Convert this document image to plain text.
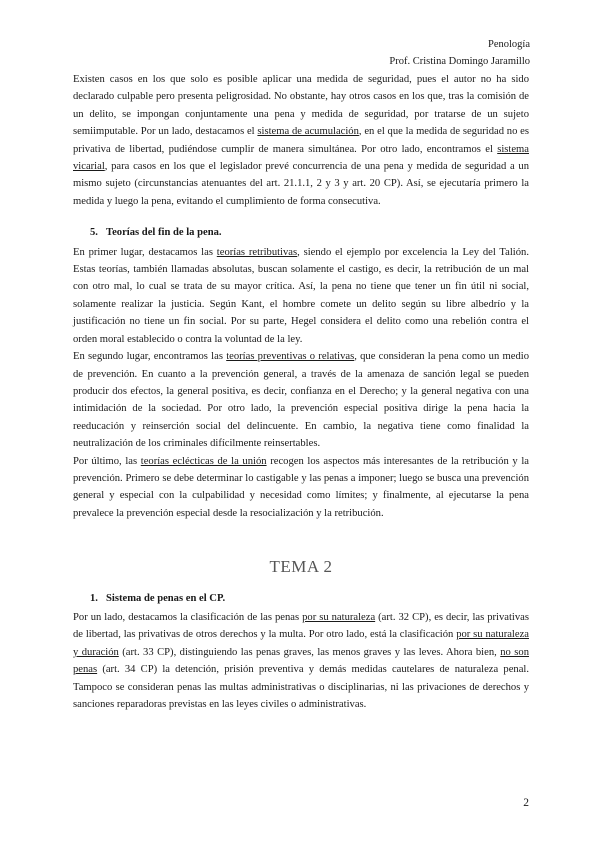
Penología
Prof. Cristina Domingo Jaramillo

Existen casos en los que solo es posible aplicar una medida de seguridad, pues el autor no ha sido declarado culpable pero presenta peligrosidad. No obstante, hay otros casos en los que, tras la comisión de un delito, se impongan conjuntamente una pena y medida de seguridad, por tratarse de un sujeto semiimputable. Por un lado, destacamos el sistema de acumulación, en el que la medida de seguridad no es privativa de libertad, pudiéndose cumplir de manera simultánea. Por otro lado, encontramos el sistema vicarial, para casos en los que el legislador prevé concurrencia de una pena y medida de seguridad a un mismo sujeto (circunstancias atenuantes del art. 21.1.1, 2 y 3 y art. 20 CP). Así, se ejecutaría primero la medida y luego la pena, evitando el cumplimiento de forma consecutiva.

5. Teorías del fin de la pena.

En primer lugar, destacamos las teorías retributivas, siendo el ejemplo por excelencia la Ley del Talión. Estas teorías, también llamadas absolutas, buscan solamente el castigo, es decir, la retribución de un mal con otro mal, lo cual se trata de su mayor crítica. Así, la pena no tiene que tener un fin útil ni social, solamente realizar la justicia. Según Kant, el hombre comete un delito según su libre albedrío y la justificación no tiene un fin social. Por su parte, Hegel considera el delito como una rebelión contra el orden moral establecido o contra la voluntad de la ley.

En segundo lugar, encontramos las teorías preventivas o relativas, que consideran la pena como un medio de prevención. En cuanto a la prevención general, a través de la amenaza de sanción legal se pueden producir dos efectos, la general positiva, es decir, confianza en el Derecho; y la general negativa con una intimidación de la sociedad. Por otro lado, la prevención especial positiva dirige la pena hacia la reeducación y reinserción social del delincuente. En cambio, la negativa tiene como finalidad la neutralización de los criminales difícilmente reinsertables.

Por último, las teorías eclécticas de la unión recogen los aspectos más interesantes de la retribución y la prevención. Primero se debe determinar lo castigable y las penas a imponer; luego se busca una prevención general y especial con la culpabilidad y necesidad como límites; y finalmente, al ejecutarse la pena prevalece la prevención especial desde la resocialización y la retribución.

TEMA 2

1. Sistema de penas en el CP.

Por un lado, destacamos la clasificación de las penas por su naturaleza (art. 32 CP), es decir, las privativas de libertad, las privativas de otros derechos y la multa. Por otro lado, está la clasificación por su naturaleza y duración (art. 33 CP), distinguiendo las penas graves, las menos graves y las leves. Ahora bien, no son penas (art. 34 CP) la detención, prisión preventiva y demás medidas cautelares de naturaleza penal. Tampoco se consideran penas las multas administrativas o disciplinarias, ni las privaciones de derechos y sanciones reparadoras previstas en las leyes civiles o administrativas.

2
